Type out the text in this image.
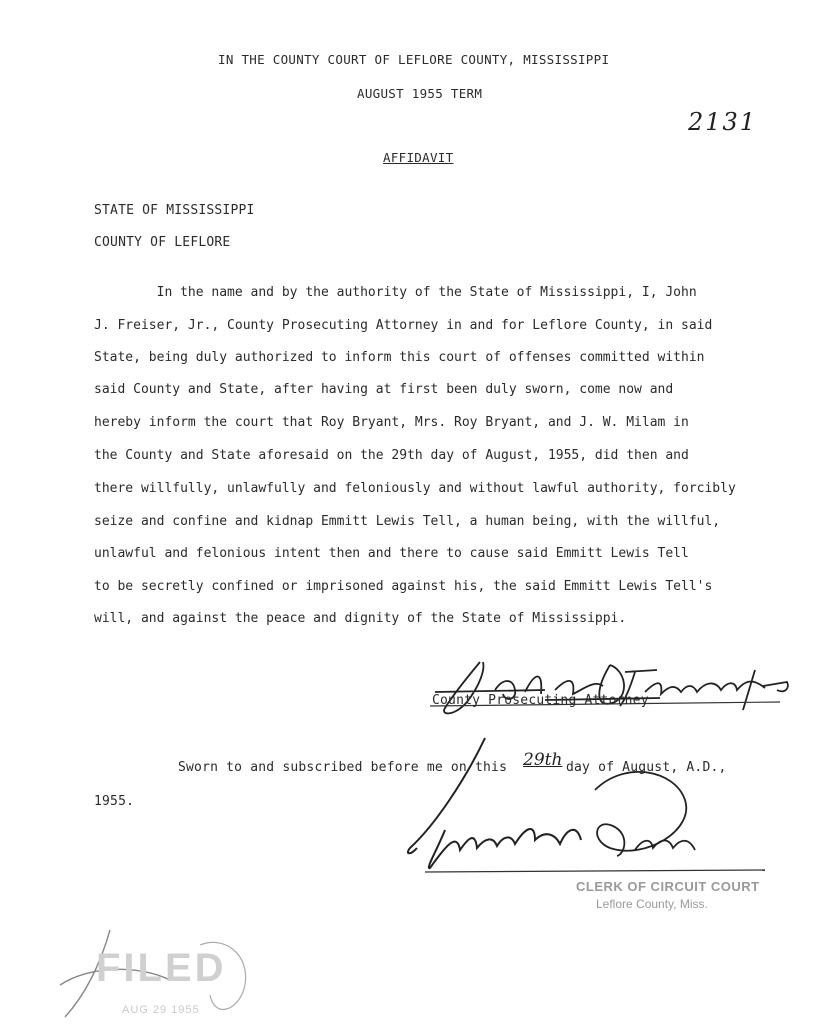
IN THE COUNTY COURT OF LEFLORE COUNTY, MISSISSIPPI
AUGUST 1955 TERM
2131
AFFIDAVIT
STATE OF MISSISSIPPI
COUNTY OF LEFLORE
In the name and by the authority of the State of Mississippi, I, John
J. Freiser, Jr., County Prosecuting Attorney in and for Leflore County, in said
State, being duly authorized to inform this court of offenses committed within
said County and State, after having at first been duly sworn, come now and
hereby inform the court that Roy Bryant, Mrs. Roy Bryant, and J. W. Milam in
the County and State aforesaid on the 29th day of August, 1955, did then and
there willfully, unlawfully and feloniously and without lawful authority, forcibly
seize and confine and kidnap Emmitt Lewis Tell, a human being, with the willful,
unlawful and felonious intent then and there to cause said Emmitt Lewis Tell
to be secretly confined or imprisoned against his, the said Emmitt Lewis Tell's
will, and against the peace and dignity of the State of Mississippi.
County Prosecuting Attorney
Sworn to and subscribed before me on this 29th day of August, A.D.,
1955.
CLERK OF CIRCUIT COURT
Leflore County, Miss.
FILED
AUG 29 1955
